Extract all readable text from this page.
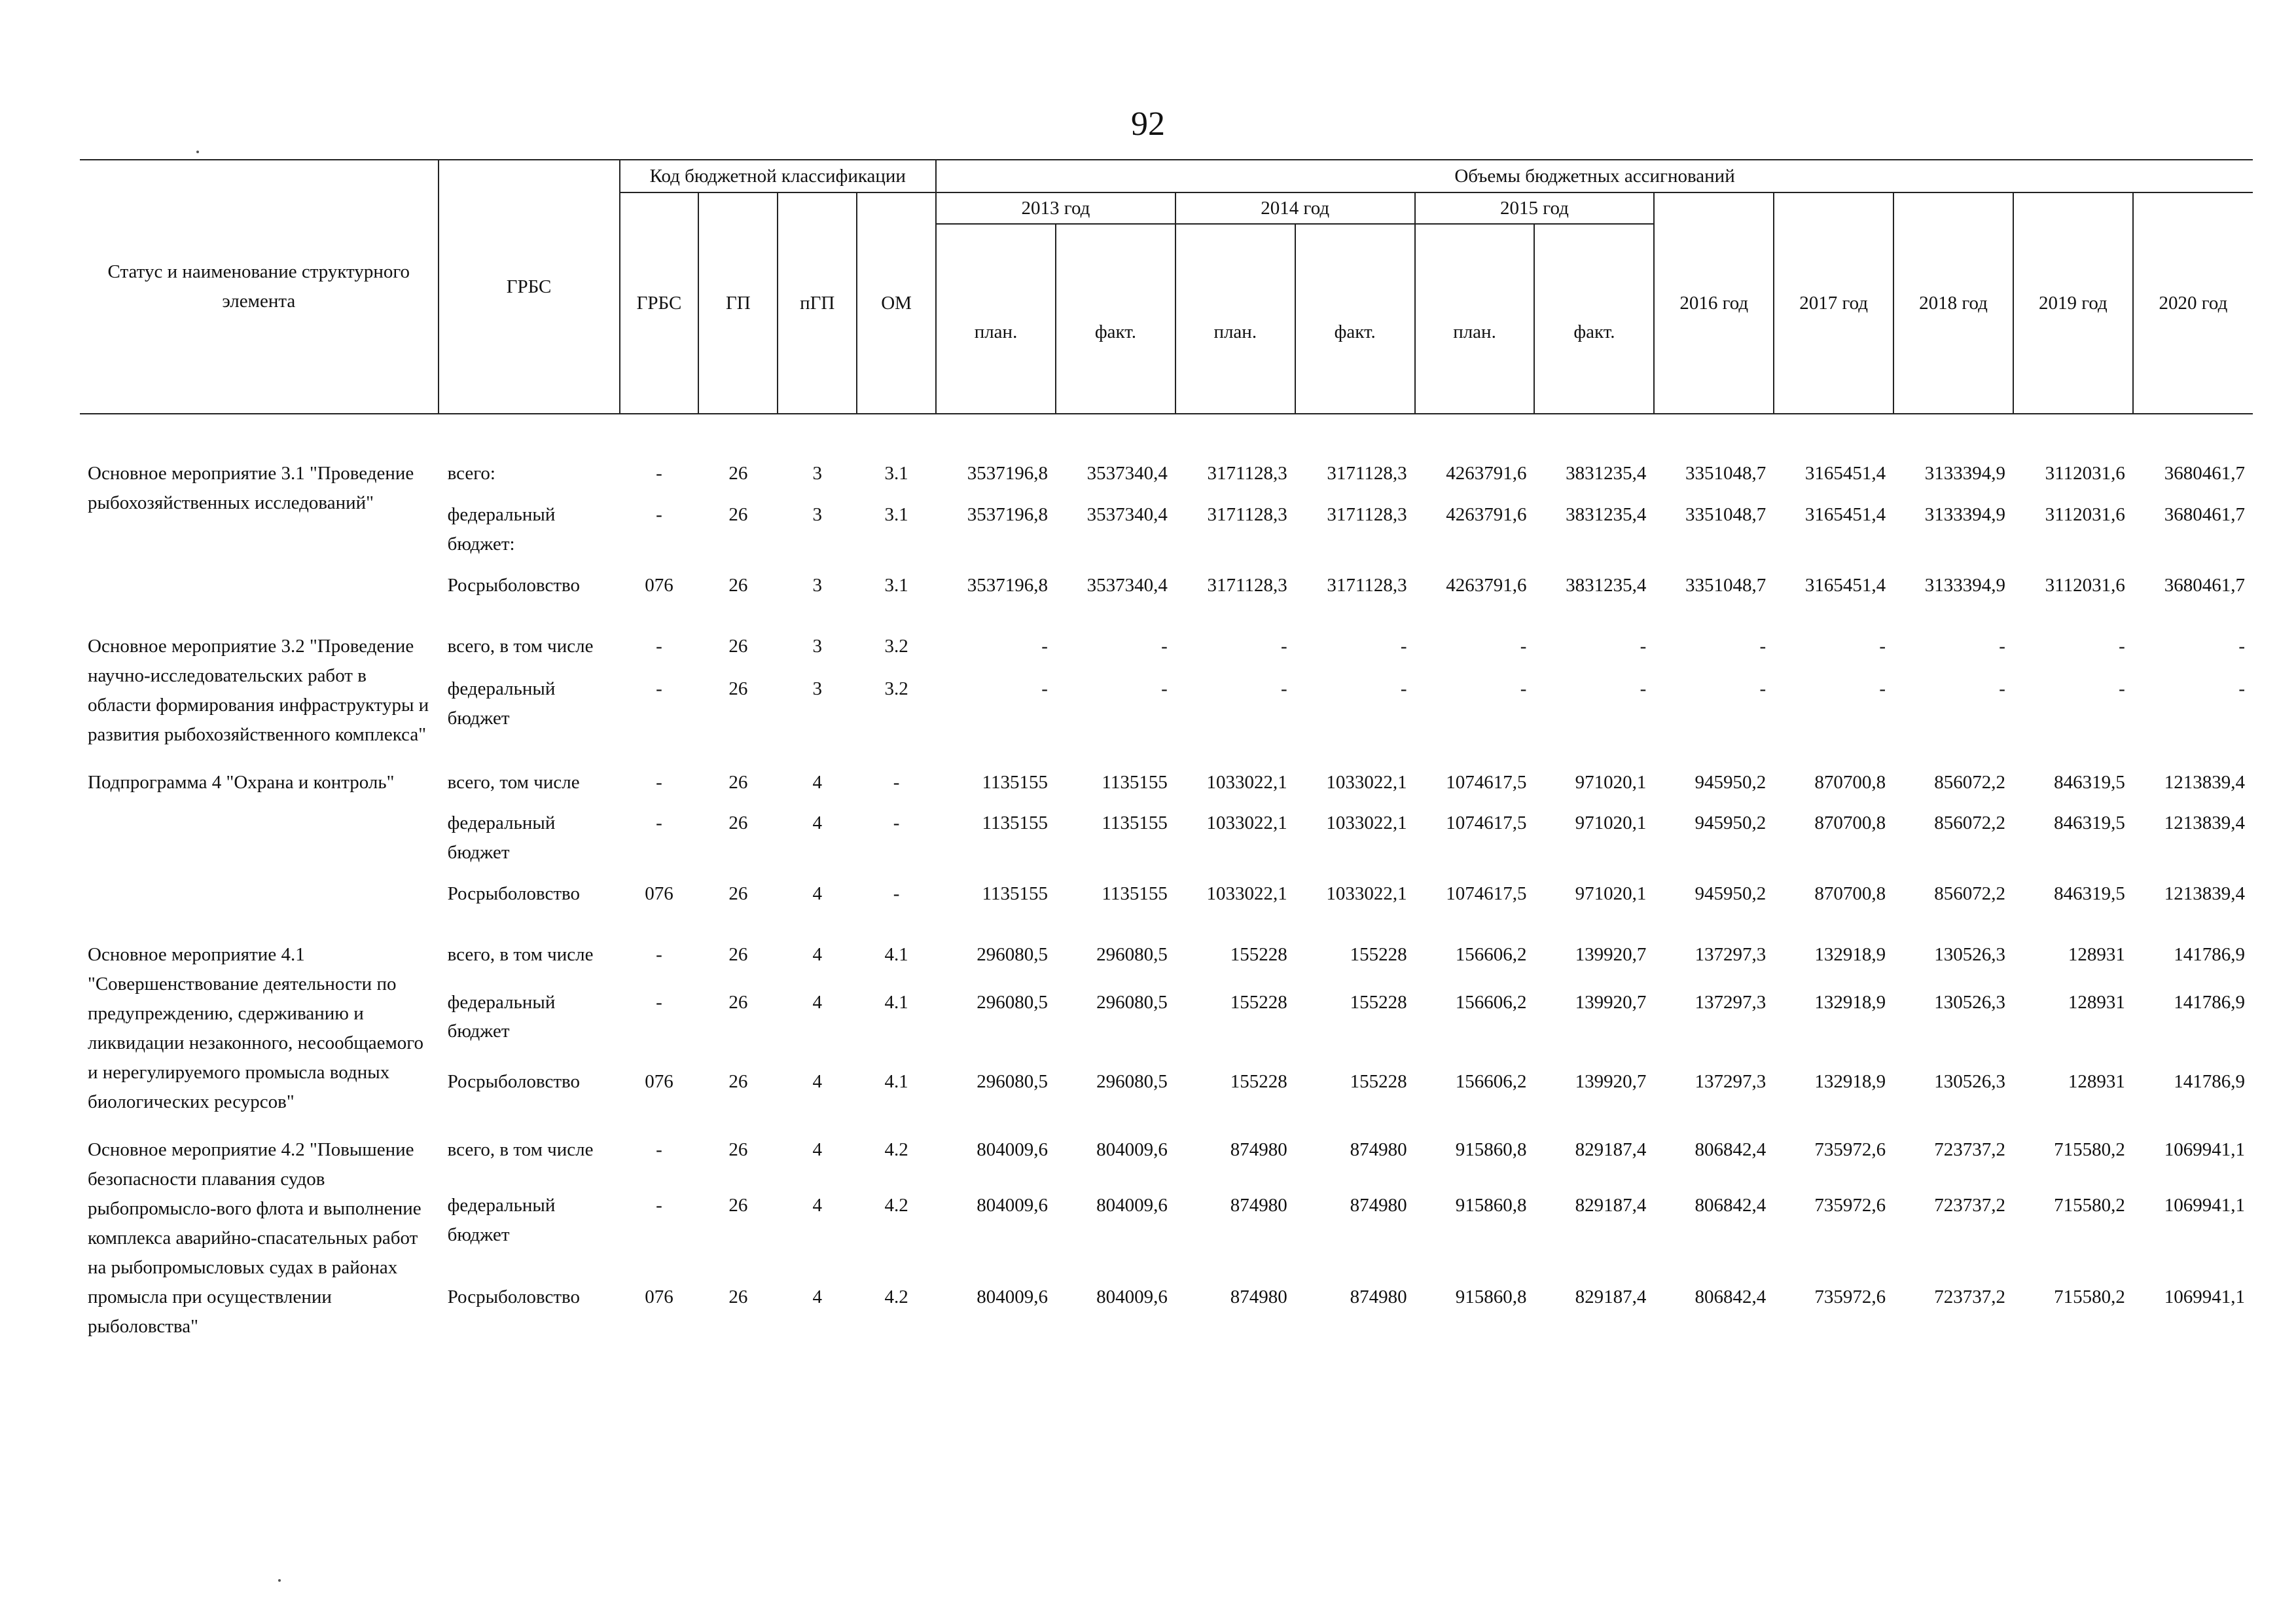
92
Статус и наименование структурного элемента	ГРБС	Код бюджетной классификации				Объемы бюджетных ассигнований										
		ГРБС	ГП	пГП	ОМ	2013 год		2014 год		2015 год		2016 год	2017 год	2018 год	2019 год	2020 год
						план.	факт.	план.	факт.	план.	факт.					

Основное мероприятие 3.1 "Проведение рыбохозяйственных исследований"	всего:	-	26	3	3.1	3537196,8	3537340,4	3171128,3	3171128,3	4263791,6	3831235,4	3351048,7	3165451,4	3133394,9	3112031,6	3680461,7
	федеральный бюджет:	-	26	3	3.1	3537196,8	3537340,4	3171128,3	3171128,3	4263791,6	3831235,4	3351048,7	3165451,4	3133394,9	3112031,6	3680461,7
	Росрыболовство	076	26	3	3.1	3537196,8	3537340,4	3171128,3	3171128,3	4263791,6	3831235,4	3351048,7	3165451,4	3133394,9	3112031,6	3680461,7
Основное мероприятие 3.2 "Проведение научно-исследовательских работ в области формирования инфраструктуры и развития рыбохозяйственного комплекса"	всего, в том числе	-	26	3	3.2	-	-	-	-	-	-	-	-	-	-	-
	федеральный бюджет	-	26	3	3.2	-	-	-	-	-	-	-	-	-	-	-
Подпрограмма 4 "Охрана и контроль"	всего, том числе	-	26	4	-	1135155	1135155	1033022,1	1033022,1	1074617,5	971020,1	945950,2	870700,8	856072,2	846319,5	1213839,4
	федеральный бюджет	-	26	4	-	1135155	1135155	1033022,1	1033022,1	1074617,5	971020,1	945950,2	870700,8	856072,2	846319,5	1213839,4
	Росрыболовство	076	26	4	-	1135155	1135155	1033022,1	1033022,1	1074617,5	971020,1	945950,2	870700,8	856072,2	846319,5	1213839,4
Основное мероприятие 4.1 "Совершенствование деятельности по предупреждению, сдерживанию и ликвидации незаконного, несообщаемого и нерегулируемого промысла водных биологических ресурсов"	всего, в том числе	-	26	4	4.1	296080,5	296080,5	155228	155228	156606,2	139920,7	137297,3	132918,9	130526,3	128931	141786,9
	федеральный бюджет	-	26	4	4.1	296080,5	296080,5	155228	155228	156606,2	139920,7	137297,3	132918,9	130526,3	128931	141786,9
	Росрыболовство	076	26	4	4.1	296080,5	296080,5	155228	155228	156606,2	139920,7	137297,3	132918,9	130526,3	128931	141786,9
Основное мероприятие 4.2 "Повышение безопасности плавания судов рыбопромысло-вого флота и выполнение комплекса аварийно-спасательных работ на рыбопромысловых судах в районах промысла при осуществлении рыболовства"	всего, в том числе	-	26	4	4.2	804009,6	804009,6	874980	874980	915860,8	829187,4	806842,4	735972,6	723737,2	715580,2	1069941,1
	федеральный бюджет	-	26	4	4.2	804009,6	804009,6	874980	874980	915860,8	829187,4	806842,4	735972,6	723737,2	715580,2	1069941,1
	Росрыболовство	076	26	4	4.2	804009,6	804009,6	874980	874980	915860,8	829187,4	806842,4	735972,6	723737,2	715580,2	1069941,1
